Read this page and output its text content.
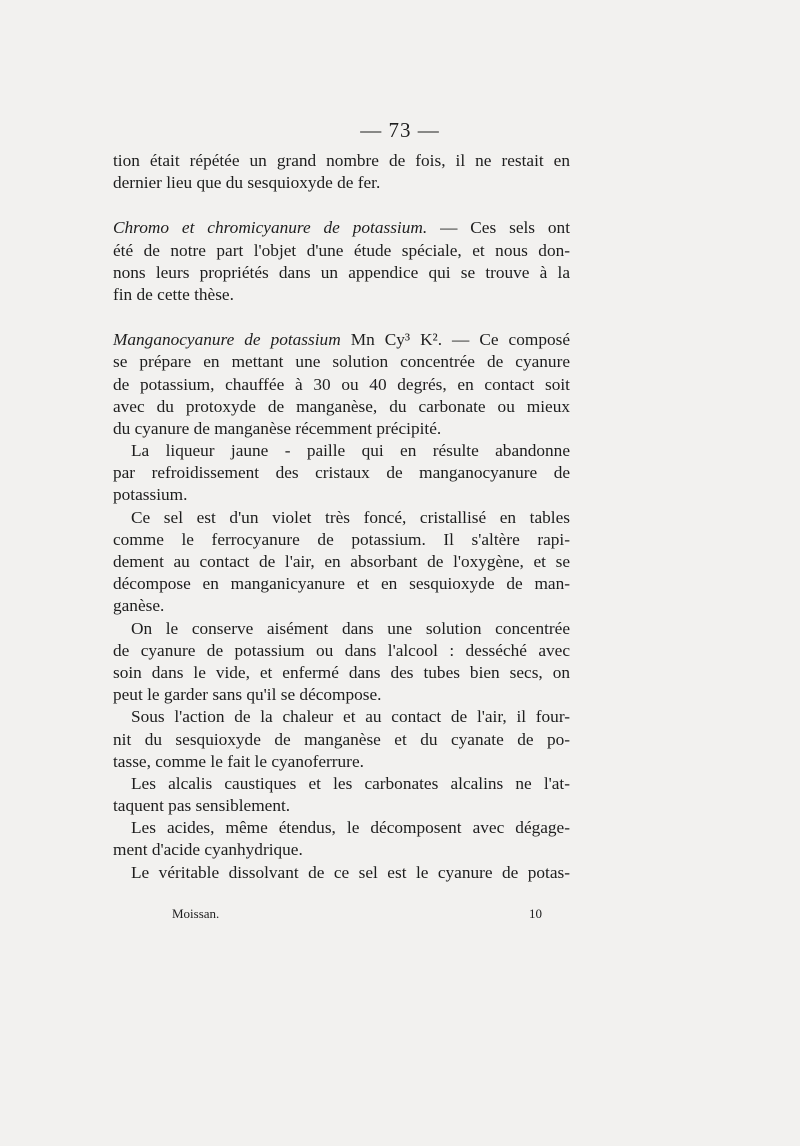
— 73 —
tion était répétée un grand nombre de fois, il ne restait en
dernier lieu que du sesquioxyde de fer.
Chromo et chromicyanure de potassium. — Ces sels ont
été de notre part l'objet d'une étude spéciale, et nous don-
nons leurs propriétés dans un appendice qui se trouve à la
fin de cette thèse.
Manganocyanure de potassium Mn Cy³ K². — Ce composé
se prépare en mettant une solution concentrée de cyanure
de potassium, chauffée à 30 ou 40 degrés, en contact soit
avec du protoxyde de manganèse, du carbonate ou mieux
du cyanure de manganèse récemment précipité.
La liqueur jaune - paille qui en résulte abandonne
par refroidissement des cristaux de manganocyanure de
potassium.
Ce sel est d'un violet très foncé, cristallisé en tables
comme le ferrocyanure de potassium. Il s'altère rapi-
dement au contact de l'air, en absorbant de l'oxygène, et se
décompose en manganicyanure et en sesquioxyde de man-
ganèse.
On le conserve aisément dans une solution concentrée
de cyanure de potassium ou dans l'alcool : desséché avec
soin dans le vide, et enfermé dans des tubes bien secs, on
peut le garder sans qu'il se décompose.
Sous l'action de la chaleur et au contact de l'air, il four-
nit du sesquioxyde de manganèse et du cyanate de po-
tasse, comme le fait le cyanoferrure.
Les alcalis caustiques et les carbonates alcalins ne l'at-
taquent pas sensiblement.
Les acides, même étendus, le décomposent avec dégage-
ment d'acide cyanhydrique.
Le véritable dissolvant de ce sel est le cyanure de potas-
Moissan.	10
